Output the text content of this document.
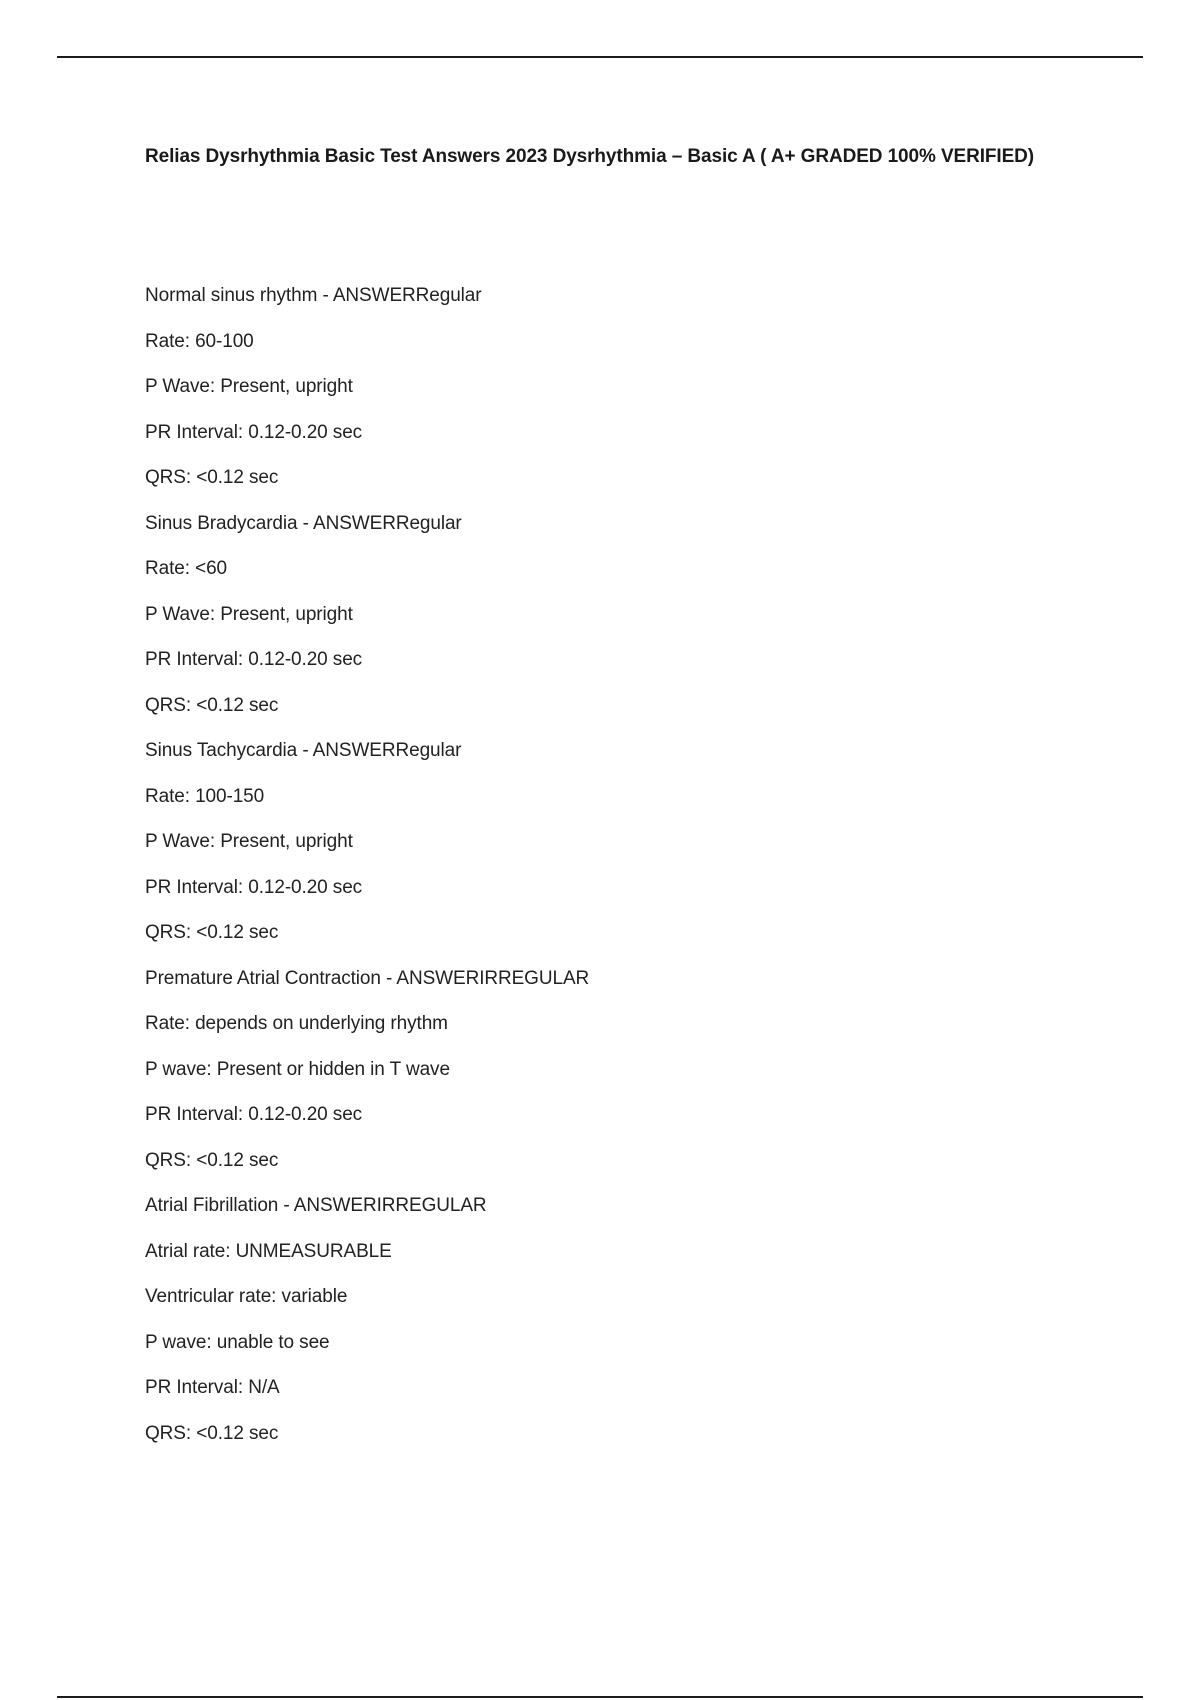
Relias Dysrhythmia Basic Test Answers 2023 Dysrhythmia – Basic A ( A+ GRADED 100% VERIFIED)
Normal sinus rhythm - ANSWERRegular
Rate: 60-100
P Wave: Present, upright
PR Interval: 0.12-0.20 sec
QRS: <0.12 sec
Sinus Bradycardia - ANSWERRegular
Rate: <60
P Wave: Present, upright
PR Interval: 0.12-0.20 sec
QRS: <0.12 sec
Sinus Tachycardia - ANSWERRegular
Rate: 100-150
P Wave: Present, upright
PR Interval: 0.12-0.20 sec
QRS: <0.12 sec
Premature Atrial Contraction - ANSWERIRREGULAR
Rate: depends on underlying rhythm
P wave: Present or hidden in T wave
PR Interval: 0.12-0.20 sec
QRS: <0.12 sec
Atrial Fibrillation - ANSWERIRREGULAR
Atrial rate: UNMEASURABLE
Ventricular rate: variable
P wave: unable to see
PR Interval: N/A
QRS: <0.12 sec
